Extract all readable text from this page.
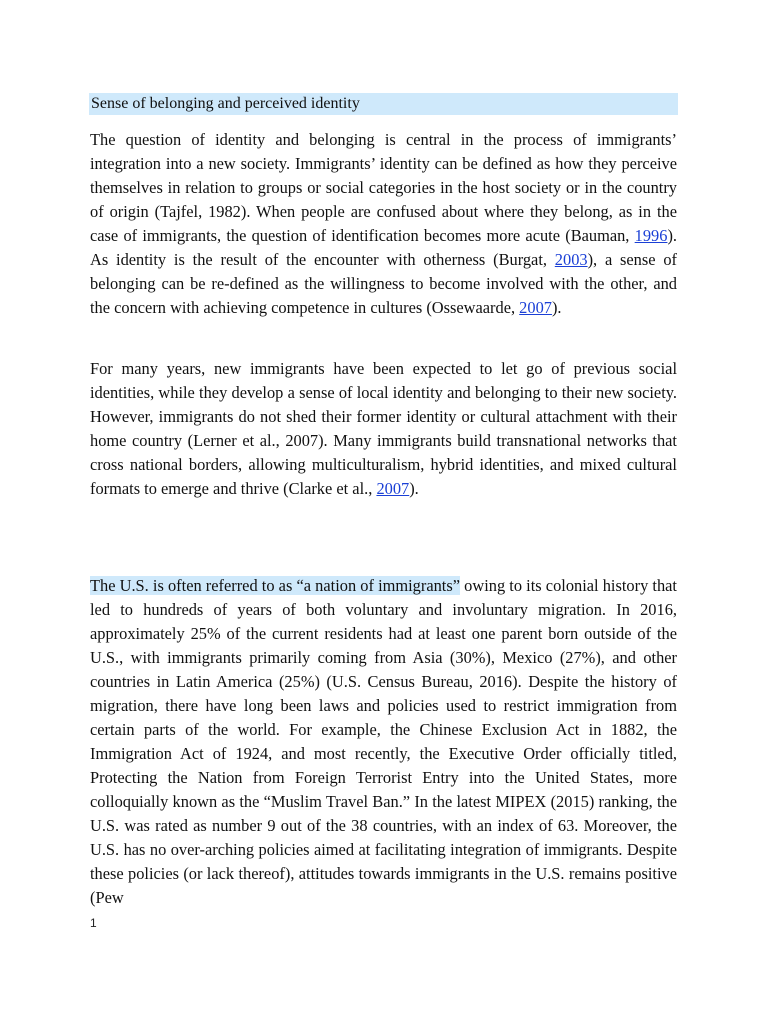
Sense of belonging and perceived identity

The question of identity and belonging is central in the process of immigrants’ integration into a new society. Immigrants’ identity can be defined as how they perceive themselves in relation to groups or social categories in the host society or in the country of origin (Tajfel, 1982). When people are confused about where they belong, as in the case of immigrants, the question of identification becomes more acute (Bauman, 1996). As identity is the result of the encounter with otherness (Burgat, 2003), a sense of belonging can be re-defined as the willingness to become involved with the other, and the concern with achieving competence in cultures (Ossewaarde, 2007).

For many years, new immigrants have been expected to let go of previous social identities, while they develop a sense of local identity and belonging to their new society. However, immigrants do not shed their former identity or cultural attachment with their home country (Lerner et al., 2007). Many immigrants build transnational networks that cross national borders, allowing multiculturalism, hybrid identities, and mixed cultural formats to emerge and thrive (Clarke et al., 2007).

The U.S. is often referred to as “a nation of immigrants” owing to its colonial history that led to hundreds of years of both voluntary and involuntary migration. In 2016, approximately 25% of the current residents had at least one parent born outside of the U.S., with immigrants primarily coming from Asia (30%), Mexico (27%), and other countries in Latin America (25%) (U.S. Census Bureau, 2016). Despite the history of migration, there have long been laws and policies used to restrict immigration from certain parts of the world. For example, the Chinese Exclusion Act in 1882, the Immigration Act of 1924, and most recently, the Executive Order officially titled, Protecting the Nation from Foreign Terrorist Entry into the United States, more colloquially known as the “Muslim Travel Ban.” In the latest MIPEX (2015) ranking, the U.S. was rated as number 9 out of the 38 countries, with an index of 63. Moreover, the U.S. has no over-arching policies aimed at facilitating integration of immigrants. Despite these policies (or lack thereof), attitudes towards immigrants in the U.S. remains positive (Pew

1
